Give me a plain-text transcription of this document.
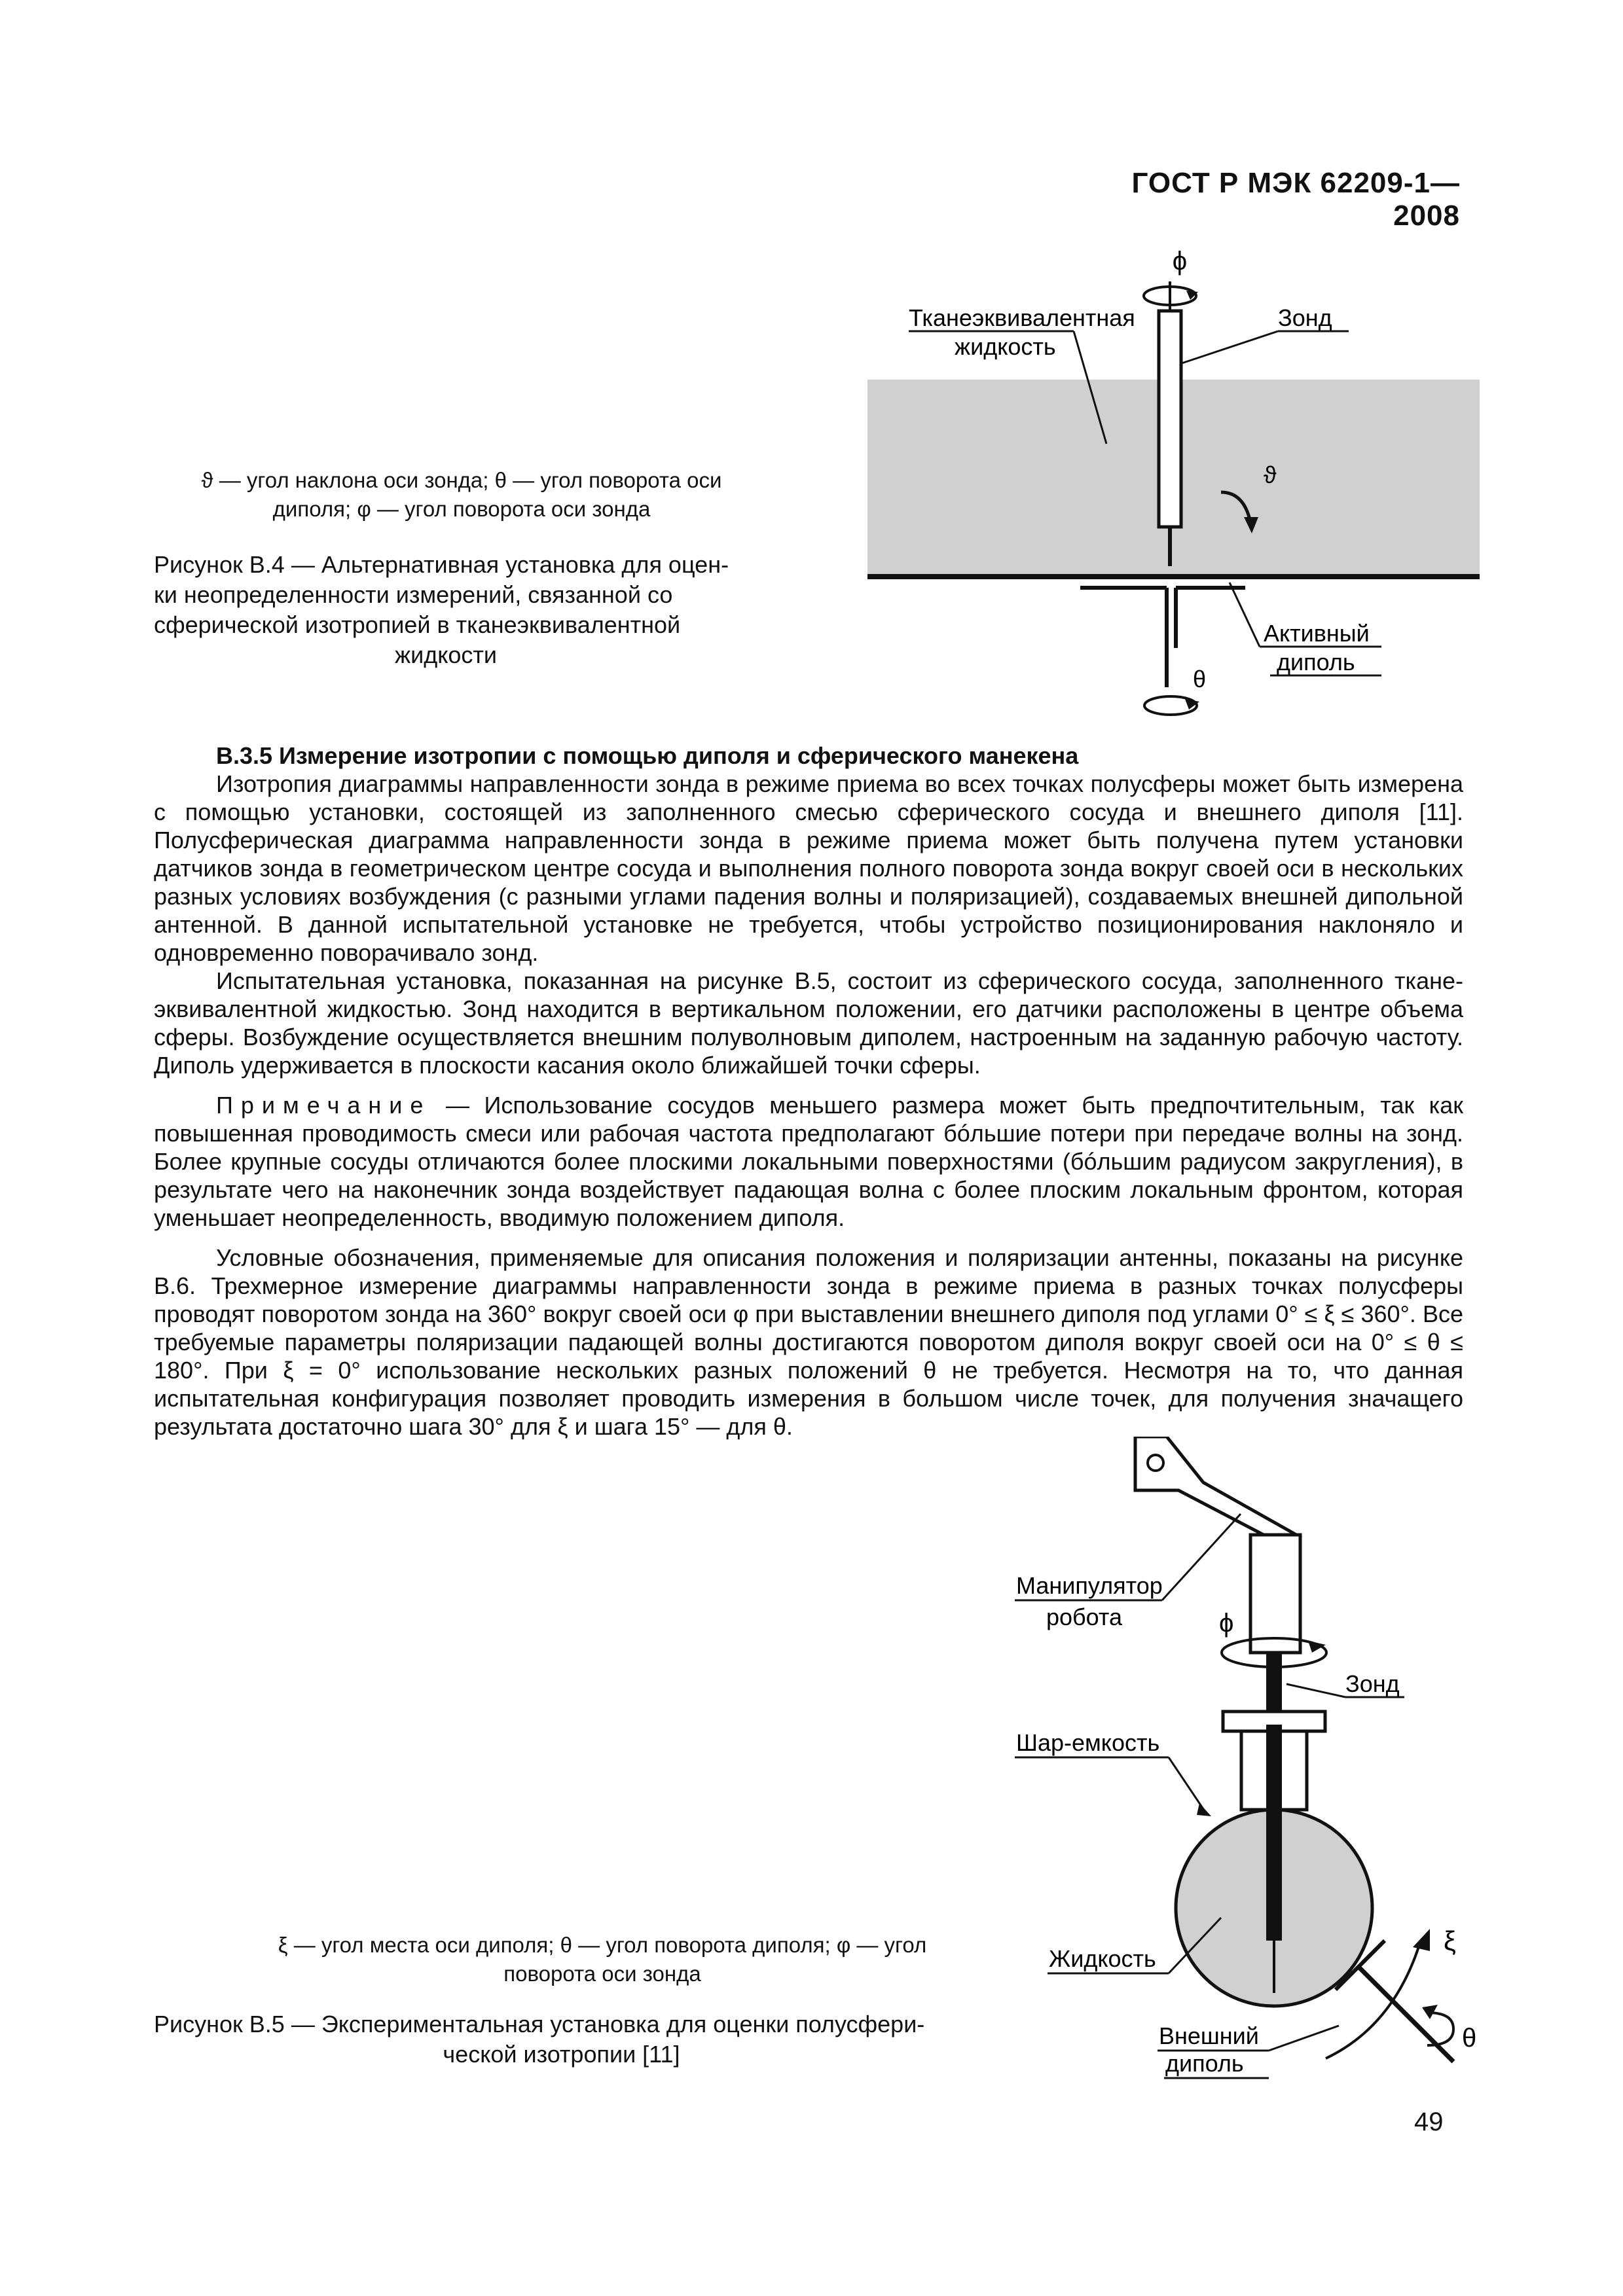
ГОСТ Р МЭК 62209-1—2008
ϕ
Тканеэквивалентная
жидкость
Зонд
ϑ
Активный
диполь
θ
ϑ — угол наклона оси зонда; θ — угол поворота оси
диполя; φ — угол поворота оси зонда
Рисунок В.4 — Альтернативная установка для оцен-
ки неопределенности измерений, связанной со
сферической изотропией в тканеэквивалентной
жидкости

В.3.5 Измерение изотропии с помощью диполя и сферического манекена

Изотропия диаграммы направленности зонда в режиме приема во всех точках полусферы может быть измерена с помощью установки, состоящей из заполненного смесью сферического сосуда и внешнего диполя [11]. Полусферическая диаграмма направленности зонда в режиме приема может быть получена путем установки датчиков зонда в геометрическом центре сосуда и выполнения полного поворота зонда вокруг своей оси в нескольких разных условиях возбуждения (с разными углами падения волны и поляризацией), создаваемых внешней дипольной антенной. В данной испытательной установке не требуется, чтобы устройство позиционирования наклоняло и одновременно поворачивало зонд.

Испытательная установка, показанная на рисунке В.5, состоит из сферического сосуда, заполненного тканеэквивалентной жидкостью. Зонд находится в вертикальном положении, его датчики расположены в центре объема сферы. Возбуждение осуществляется внешним полуволновым диполем, настроенным на заданную рабочую частоту. Диполь удерживается в плоскости касания около ближайшей точки сферы.

Примечание — Использование сосудов меньшего размера может быть предпочтительным, так как повышенная проводимость смеси или рабочая частота предполагают бóльшие потери при передаче волны на зонд. Более крупные сосуды отличаются более плоскими локальными поверхностями (бóльшим радиусом закругления), в результате чего на наконечник зонда воздействует падающая волна с более плоским локальным фронтом, которая уменьшает неопределенность, вводимую положением диполя.

Условные обозначения, применяемые для описания положения и поляризации антенны, показаны на рисунке В.6. Трехмерное измерение диаграммы направленности зонда в режиме приема в разных точках полусферы проводят поворотом зонда на 360° вокруг своей оси φ при выставлении внешнего диполя под углами 0° ≤ ξ ≤ 360°. Все требуемые параметры поляризации падающей волны достигаются поворотом диполя вокруг своей оси на 0° ≤ θ ≤ 180°. При ξ = 0° использование нескольких разных положений θ не требуется. Несмотря на то, что данная испытательная конфигурация позволяет проводить измерения в большом числе точек, для получения значащего результата достаточно шага 30° для ξ и шага 15° — для θ.

Манипулятор
робота	ϕ
Зонд
Шар-емкость
Жидкость
ξ
θ
Внешний
диполь
ξ — угол места оси диполя; θ — угол поворота диполя; φ — угол
поворота оси зонда
Рисунок В.5 — Экспериментальная установка для оценки полусфери-
ческой изотропии [11]
49
